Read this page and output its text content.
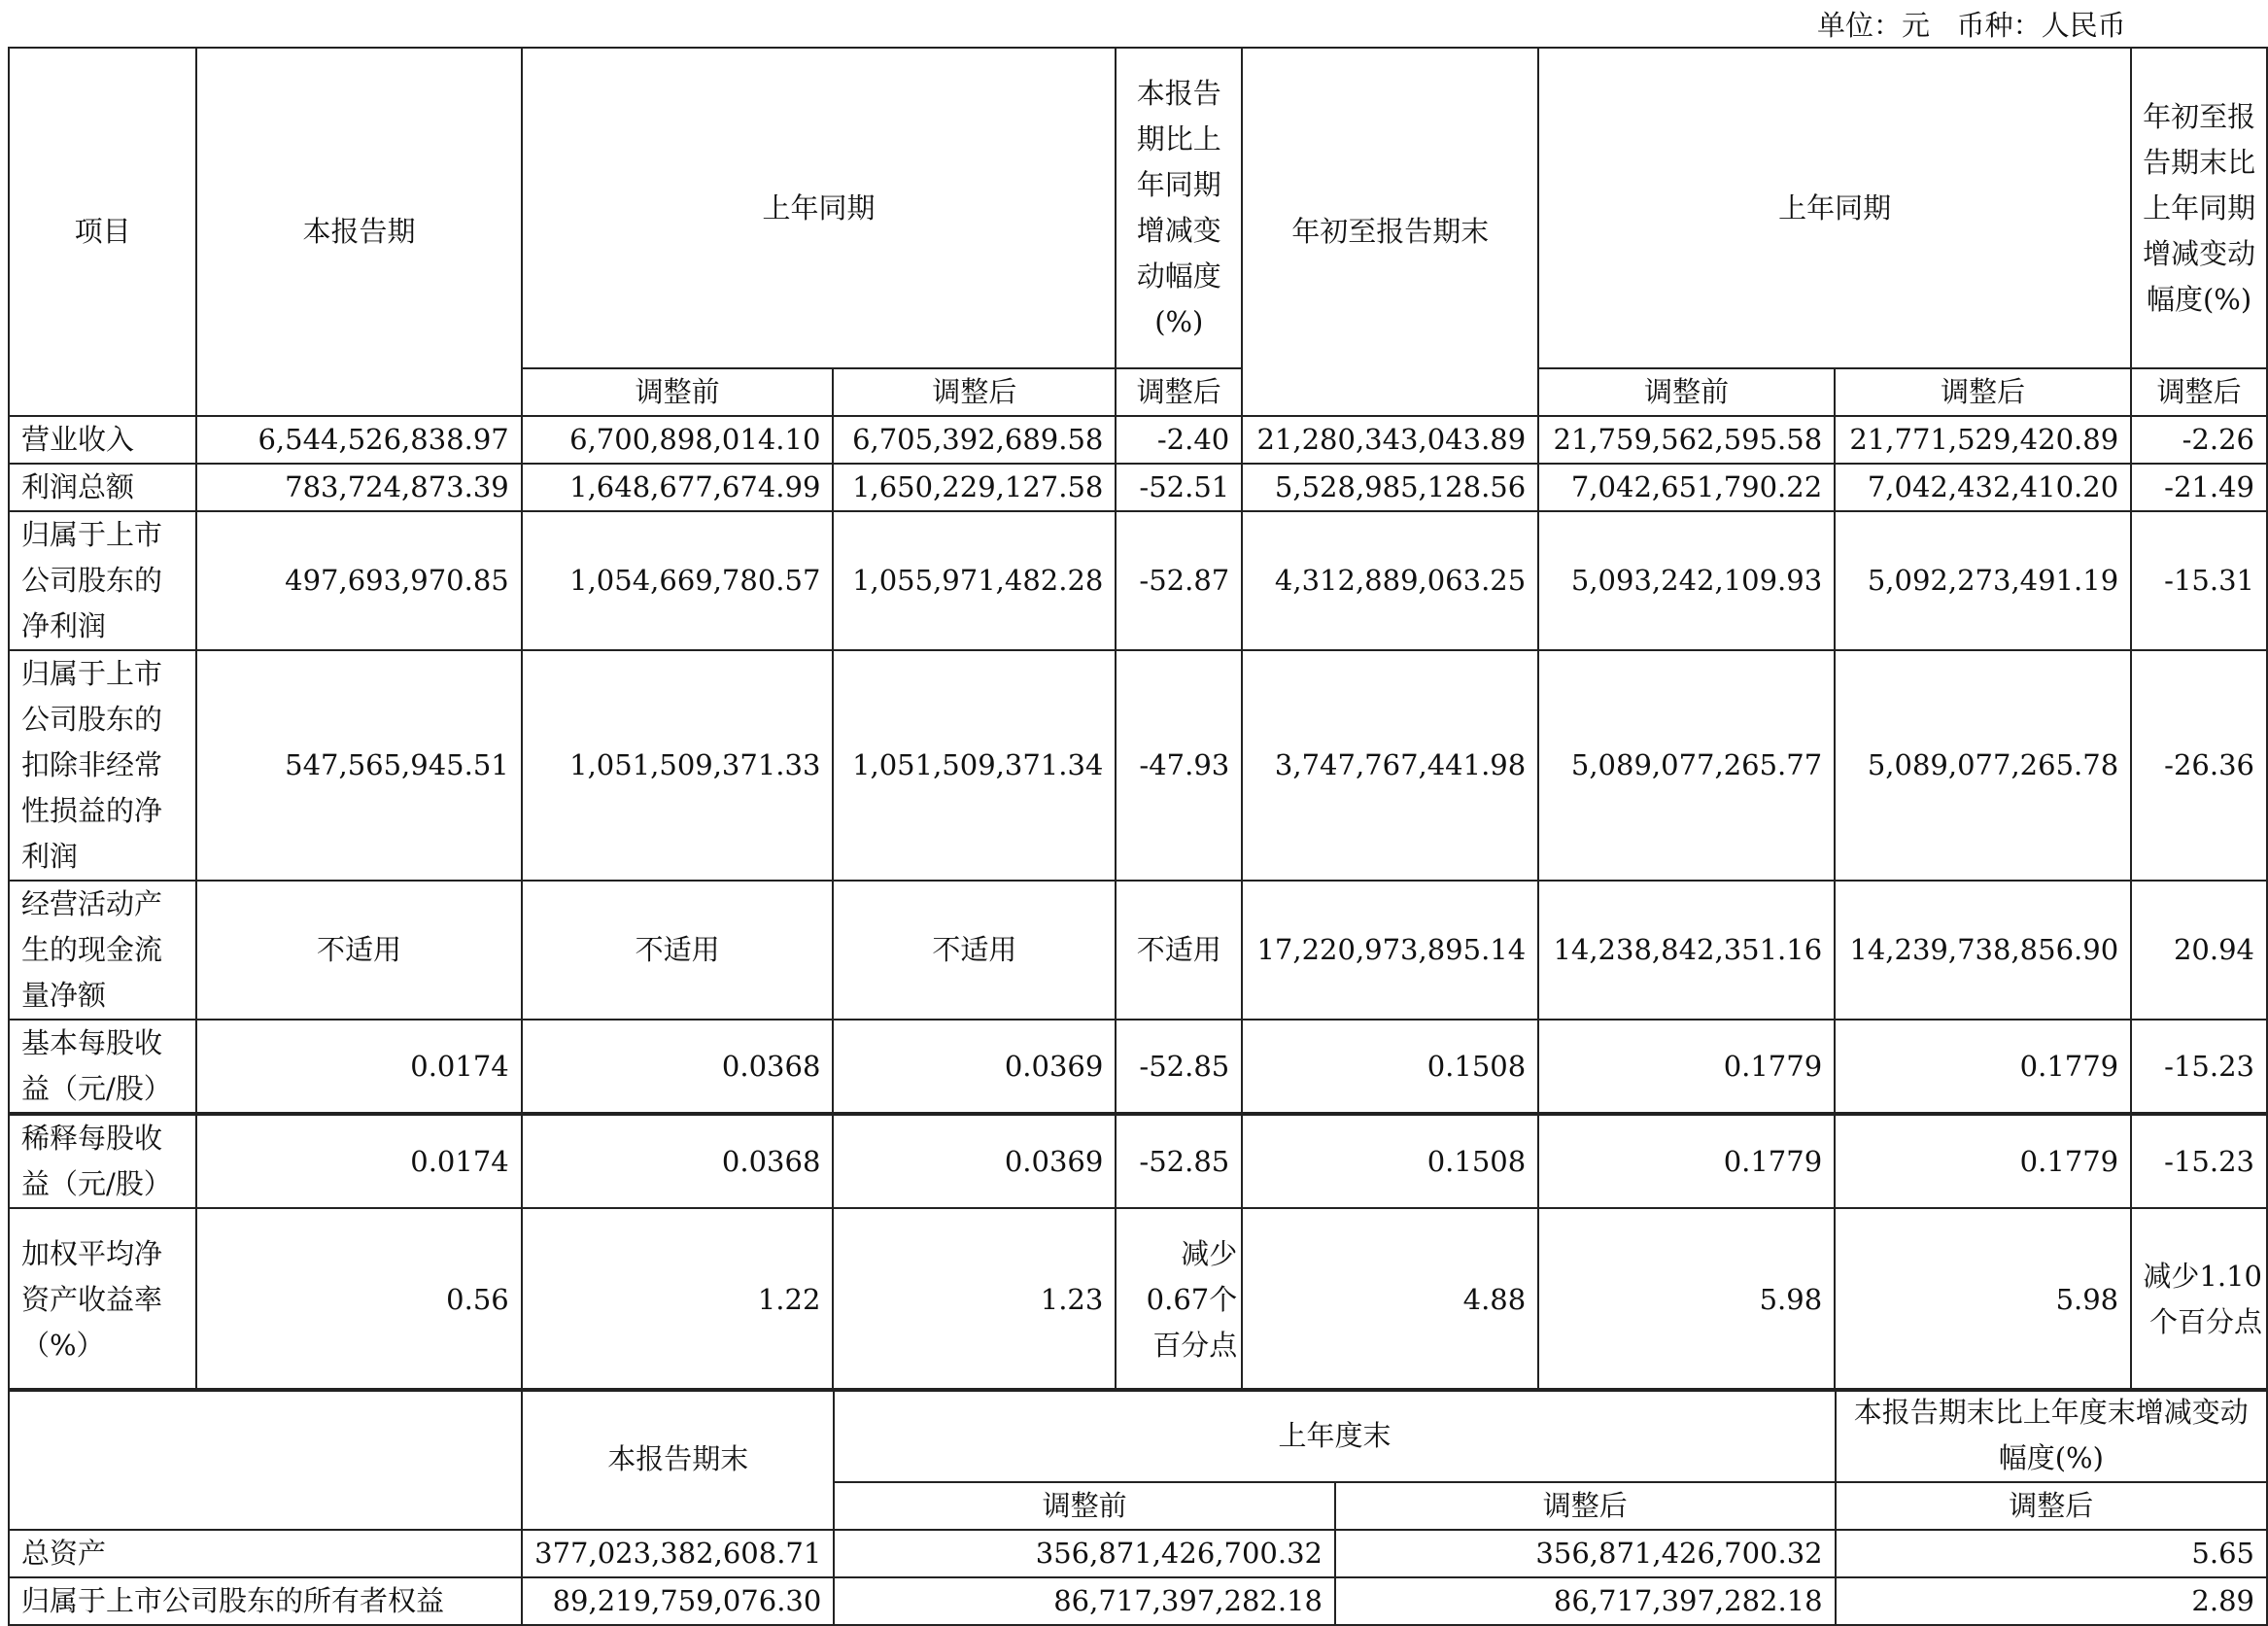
单位：元   币种：人民币
项目	本报告期	上年同期		本报告期比上年同期增减变动幅度(%)	年初至报告期末	上年同期		年初至报告期末比上年同期增减变动幅度(%)
		调整前	调整后	调整后		调整前	调整后	调整后
营业收入	6,544,526,838.97	6,700,898,014.10	6,705,392,689.58	-2.40	21,280,343,043.89	21,759,562,595.58	21,771,529,420.89	-2.26
利润总额	783,724,873.39	1,648,677,674.99	1,650,229,127.58	-52.51	5,528,985,128.56	7,042,651,790.22	7,042,432,410.20	-21.49
归属于上市公司股东的净利润	497,693,970.85	1,054,669,780.57	1,055,971,482.28	-52.87	4,312,889,063.25	5,093,242,109.93	5,092,273,491.19	-15.31
归属于上市公司股东的扣除非经常性损益的净利润	547,565,945.51	1,051,509,371.33	1,051,509,371.34	-47.93	3,747,767,441.98	5,089,077,265.77	5,089,077,265.78	-26.36
经营活动产生的现金流量净额	不适用	不适用	不适用	不适用	17,220,973,895.14	14,238,842,351.16	14,239,738,856.90	20.94
基本每股收益（元/股）	0.0174	0.0368	0.0369	-52.85	0.1508	0.1779	0.1779	-15.23
稀释每股收益（元/股）	0.0174	0.0368	0.0369	-52.85	0.1508	0.1779	0.1779	-15.23
加权平均净资产收益率（%）	0.56	1.22	1.23	减少0.67个百分点	4.88	5.98	5.98	减少1.10个百分点
	本报告期末	上年度末		本报告期末比上年度末增减变动幅度(%)
		调整前	调整后	调整后
总资产	377,023,382,608.71	356,871,426,700.32	356,871,426,700.32	5.65
归属于上市公司股东的所有者权益	89,219,759,076.30	86,717,397,282.18	86,717,397,282.18	2.89
